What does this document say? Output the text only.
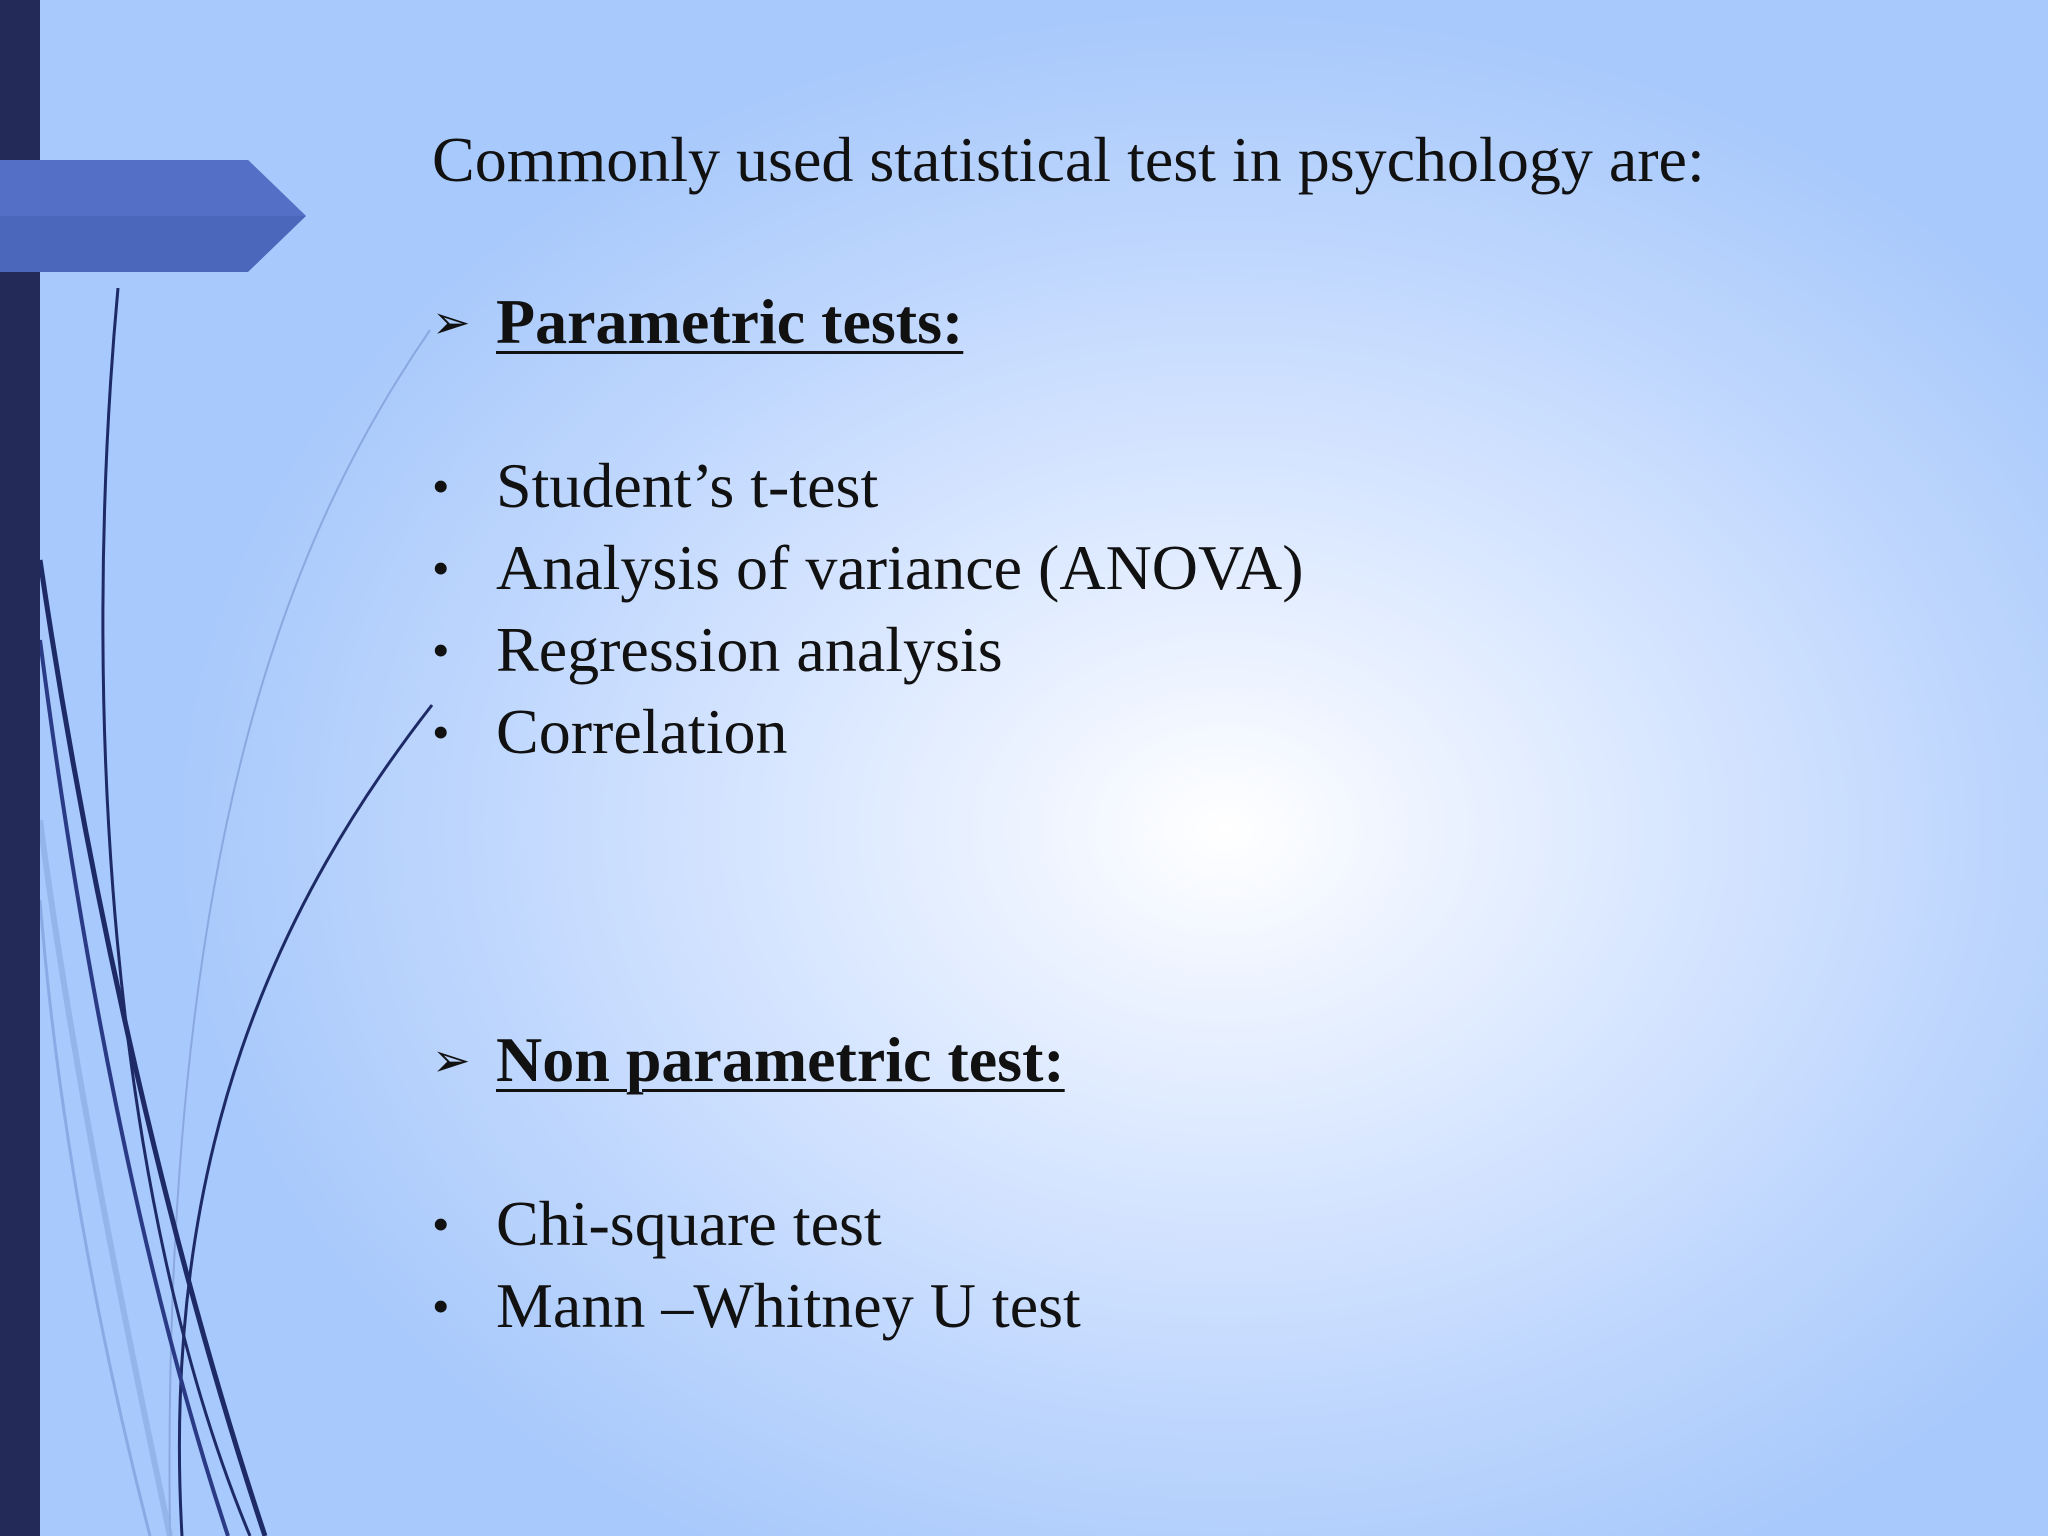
Commonly used statistical test in psychology are:
➢ Parametric tests:
• Student’s t-test
• Analysis of variance (ANOVA)
• Regression analysis
• Correlation
➢ Non parametric test:
• Chi-square test
• Mann –Whitney U test
